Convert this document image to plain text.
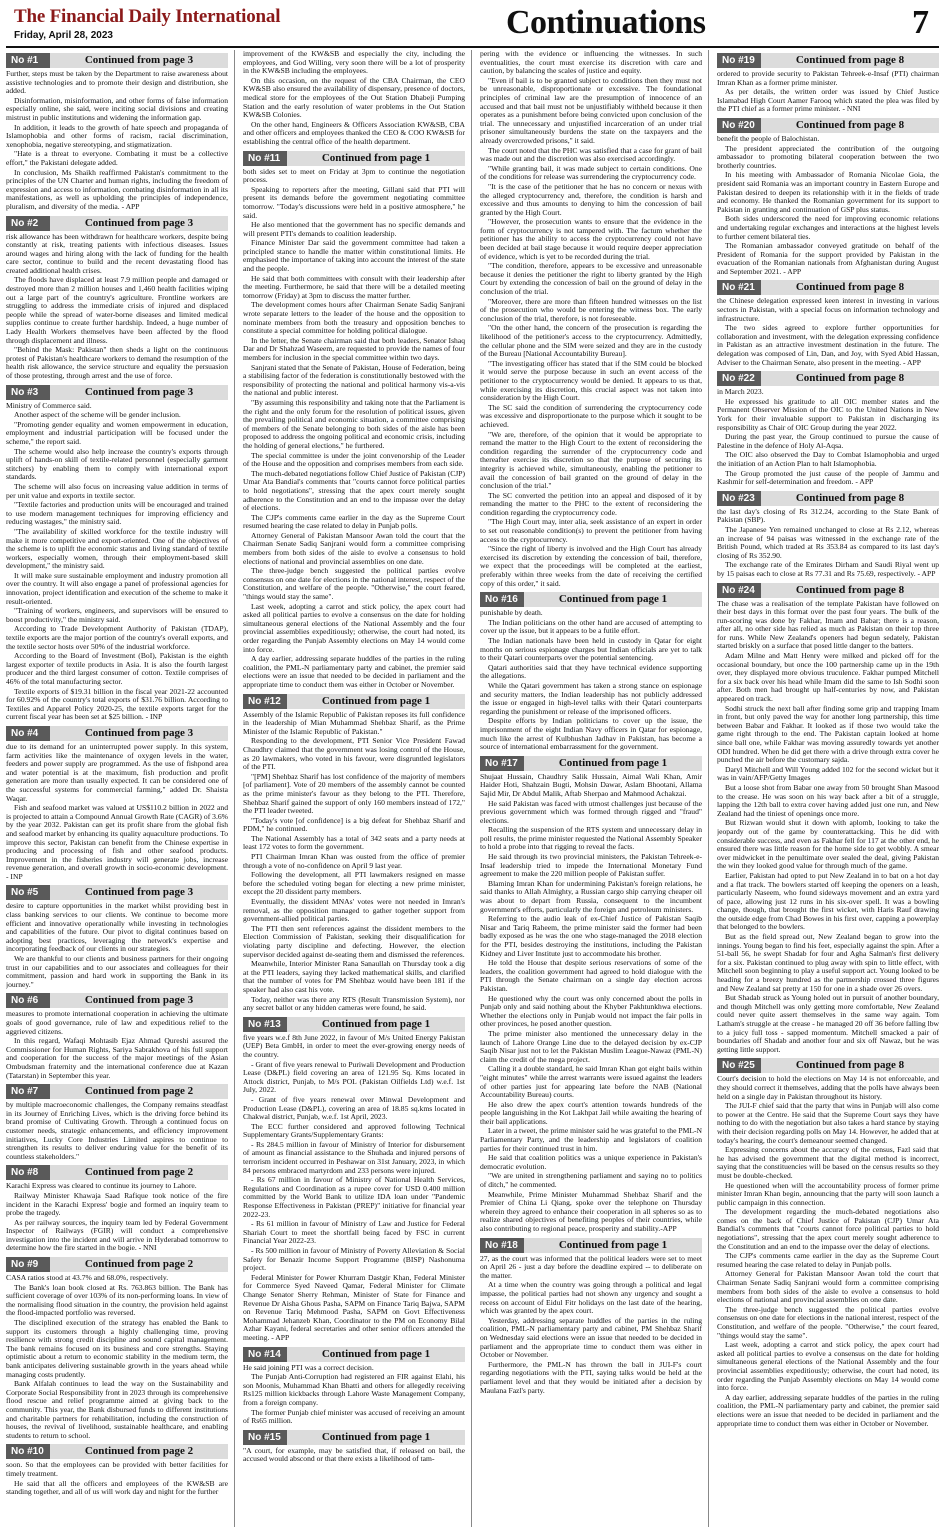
The Financial Daily International
Friday, April 28, 2023	Continuations	7
No #1	Continued from page 3

Further, steps must be taken by the Department to raise awareness about assistive technologies and to promote their design and distribution, she added.

Disinformation, misinformation, and other forms of false information especially online, she said, were inciting social divisions and creating mistrust in public institutions and widening the information gap.

In addition, it leads to the growth of hate speech and propaganda of Islamophobia and other forms of racism, racial discrimination, xenophobia, negative stereotyping, and stigmatization.

"Hate is a threat to everyone. Combating it must be a collective effort," the Pakistani delegate added.

In conclusion, Ms Shaikh reaffirmed Pakistan's commitment to the principles of the UN Charter and human rights, including the freedom of expression and access to information, combating disinformation in all its manifestations, as well as upholding the principles of independence, pluralism, and diversity of the media. - APP

No #2	Continued from page 3

risk allowance has been withdrawn for healthcare workers, despite being constantly at risk, treating patients with infectious diseases. Issues around wages and hiring along with the lack of funding for the health care sector, continue to build and the recent devastating flood has created additional health crises.

The floods have displaced at least 7.9 million people and damaged or destroyed more than 2 million houses and 1,460 health facilities wiping out a large part of the country's agriculture. Frontline workers are struggling to address the immediate crisis of injured and displaced people while the spread of water-borne diseases and limited medical supplies continue to create further hardship. Indeed, a huge number of Lady Health Workers themselves have been affected by the flood through displacement and illness.

"Behind the Mask: Pakistan" then sheds a light on the continuous protest of Pakistan's healthcare workers to demand the resumption of the health risk allowance, the service structure and equality the persuasion of those protesting, through arrest and the use of force.

No #3	Continued from page 3

Ministry of Commerce said.

Another aspect of the scheme will be gender inclusion.

"Promoting gender equality and women empowerment in education, employment and industrial participation will be focused under the scheme," the report said.

The scheme would also help increase the country's exports through uplift of hands-on skill of textile-related personnel (especially garment stitchers) by enabling them to comply with international export standards.

The scheme will also focus on increasing value addition in terms of per unit value and exports in textile sector.

"Textile factories and production units will be encouraged and trained to use modern management techniques for improving efficiency and reducing wastages," the ministry said.

"The availability of skilled workforce for the textile industry will make it more competitive and export-oriented. One of the objectives of the scheme is to uplift the economic status and living standard of textile workers, especially women, through their employment-based skill development," the ministry said.

It will make sure sustainable employment and industry promotion all over the country. It will also engage a panel of professional agencies for innovation, project identification and execution of the scheme to make it result-oriented.

"Training of workers, engineers, and supervisors will be ensured to boost productivity," the ministry said.

According to Trade Development Authority of Pakistan (TDAP), textile exports are the major portion of the country's overall exports, and the textile sector hosts over 50% of the industrial workforce.

According to the Board of Investment (BoI), Pakistan is the eighth largest exporter of textile products in Asia. It is also the fourth largest producer and the third largest consumer of cotton. Textile comprises of 46% of the total manufacturing sector.

Textile exports of $19.31 billion in the fiscal year 2021-22 accounted for 60.92% of the country's total exports of $31.76 billion. According to Textiles and Apparel Policy 2020-25, the textile exports target for the current fiscal year has been set at $25 billion. - INP

No #4	Continued from page 3

due to its demand for an uninterrupted power supply. In this system, farm activities like the maintenance of oxygen levels in the water, feeders and power supply are programmed. As the use of fishpond area and water potential is at the maximum, fish production and profit generation are more than usually expected. It can be considered one of the successful systems for commercial farming," added Dr. Shaista Waqar.

Fish and seafood market was valued at US$110.2 billion in 2022 and is projected to attain a Compound Annual Growth Rate (CAGR) of 3.6% by the year 2032. Pakistan can get its profit share from the global fish and seafood market by enhancing its quality aquaculture productions. To improve this sector, Pakistan can benefit from the Chinese expertise in producing and processing of fish and other seafood products. Improvement in the fisheries industry will generate jobs, increase revenue generation, and overall growth in socio-economic development. - INP

No #5	Continued from page 3

desire to capture opportunities in the market whilst providing best in class banking services to our clients. We continue to become more efficient and innovative operationally while investing in technologies and capabilities of the future. Our pivot to digital continues based on adopting best practices, leveraging the network's expertise and incorporating feedback of our clients in our strategies.

We are thankful to our clients and business partners for their ongoing trust in our capabilities and to our associates and colleagues for their commitment, passion and hard work in supporting the Bank in its journey."

No #6	Continued from page 3

measures to promote international cooperation in achieving the ultimate goals of good governance, rule of law and expeditious relief to the aggrieved citizens.

In this regard, Wafaqi Mohtasib Ejaz Ahmad Qureshi assured the Commissioner for Human Rights, Sariya Sabrakhova of his full support and cooperation for the success of the major meetings of the Asian Ombudsman fraternity and the international conference due at Kazan (Tatarstan) in September this year.

No #7	Continued from page 2

by multiple macroeconomic challenges, the Company remains steadfast in its Journey of Enriching Lives, which is the driving force behind its brand promise of Cultivating Growth. Through a continued focus on customer needs, strategic enhancements, and efficiency improvement initiatives, Lucky Core Industries Limited aspires to continue to strengthen its results to deliver enduring value for the benefit of its countless stakeholders."

No #8	Continued from page 2

Karachi Express was cleared to continue its journey to Lahore.

Railway Minister Khawaja Saad Rafique took notice of the fire incident in the Karachi Express' bogie and formed an inquiry team to probe the tragedy.

As per railway sources, the inquiry team led by Federal Government Inspector of Railways (FGIR) will conduct a comprehensive investigation into the incident and will arrive in Hyderabad tomorrow to determine how the fire started in the bogie. - NNI

No #9	Continued from page 2

CASA ratios stood at 43.7% and 68.0%, respectively.

The Bank's loan book closed at Rs. 763.863 billion. The Bank has sufficient coverage of over 103% of its non-performing loans. In view of the normalising flood situation in the country, the provision held against the flood-impacted portfolio was reversed.

The disciplined execution of the strategy has enabled the Bank to support its customers through a highly challenging time, proving resilience with strong credit discipline and sound capital management. The bank remains focused on its business and core strengths. Staying optimistic about a return to economic stability in the medium term, the bank anticipates delivering sustainable growth in the years ahead while managing costs prudently.

Bank Alfalah continues to lead the way on the Sustainability and Corporate Social Responsibility front in 2023 through its comprehensive flood rescue and relief programme aimed at giving back to the community. This year, the Bank disbursed funds to different institutions and charitable partners for rehabilitation, including the construction of houses, the revival of livelihood, sustainable healthcare, and enabling students to return to school.

No #10	Continued from page 2

soon. So that the employees can be provided with better facilities for timely treatment.

He said that all the officers and employees of the KW&SB are standing together, and all of us will work day and night for the further

improvement of the KW&SB and especially the city, including the employees, and God Willing, very soon there will be a lot of prosperity in the KW&SB including the employees.

On this occasion, on the request of the CBA Chairman, the CEO KW&SB also ensured the availability of dispensary, presence of doctors, medical store for the employees of the Out Station Dhabeji Pumping Station and the early resolution of water problems in the Out Station KW&SB Colonies.

On the other hand, Engineers & Officers Association KW&SB, CBA and other officers and employees thanked the CEO & COO KW&SB for establishing the central office of the health department.

No #11	Continued from page 1

both sides set to meet on Friday at 3pm to continue the negotiation process.

Speaking to reporters after the meeting, Gillani said that PTI will present its demands before the government negotiating committee tomorrow. "Today's discussions were held in a positive atmosphere," he said.

He also mentioned that the government has no specific demands and will present PTI's demands to coalition leadership.

Finance Minister Dar said the government committee had taken a principled stance to handle the matter within constitutional limits. He emphasised the importance of taking into account the interest of the state and the people.

He said that both committees with consult with their leadership after the meeting. Furthermore, he said that there will be a detailed meeting tomorrow (Friday) at 3pm to discuss the matter further.

The development comes hours after Chairman Senate Sadiq Sanjrani wrote separate letters to the leader of the house and the opposition to nominate members from both the treasury and opposition benches to constitute a special committee for holding political dialogue.

In the letter, the Senate chairman said that both leaders, Senator Ishaq Dar and Dr Shahzad Waseem, are requested to provide the names of four members for inclusion in the special committee within two days.

Sanjrani stated that the Senate of Pakistan, House of Federation, being a stabilising factor of the federation is constitutionally bestowed with the responsibility of protecting the national and political harmony vis-a-vis the national and public interest.

"By assuming this responsibility and taking note that the Parliament is the right and the only forum for the resolution of political issues, given the prevailing political and economic situation, a committee comprising of members of the Senate belonging to both sides of the aisle has been proposed to address the ongoing political and economic crisis, including the holding of general elections," he furthered.

The special committee is under the joint convenorship of the Leader of the House and the opposition and comprises members from each side.

The much-debated negotiations follow Chief Justice of Pakistan (CJP) Umar Ata Bandial's comments that "courts cannot force political parties to hold negotiations", stressing that the apex court merely sought adherence to the Constitution and an end to the impasse over the delay of elections.

The CJP's comments came earlier in the day as the Supreme Court resumed hearing the case related to delay in Punjab polls.

Attorney General of Pakistan Mansoor Awan told the court that the Chairman Senate Sadiq Sanjrani would form a committee comprising members from both sides of the aisle to evolve a consensus to hold elections of national and provincial assemblies on one date.

The three-judge bench suggested the political parties evolve consensus on one date for elections in the national interest, respect of the Constitution, and welfare of the people. "Otherwise," the court feared, "things would stay the same".

Last week, adopting a carrot and stick policy, the apex court had asked all political parties to evolve a consensus on the date for holding simultaneous general elections of the National Assembly and the four provincial assemblies expeditiously; otherwise, the court had noted, its order regarding the Punjab Assembly elections on May 14 would come into force.

A day earlier, addressing separate huddles of the parties in the ruling coalition, the PML-N parliamentary party and cabinet, the premier said elections were an issue that needed to be decided in parliament and the appropriate time to conduct them was either in October or November.

No #12	Continued from page 1

Assembly of the Islamic Republic of Pakistan reposes its full confidence in the leadership of Mian Muhammad Shehbaz Sharif, as the Prime Minister of the Islamic Republic of Pakistan."

Responding to the development, PTI Senior Vice President Fawad Chaudhry claimed that the government was losing control of the House, as 20 lawmakers, who voted in his favour, were disgruntled legislators of the PTI.

"[PM] Shehbaz Sharif has lost confidence of the majority of members [of parliament]. Vote of 20 members of the assembly cannot be counted as the prime minister's favour as they belong to the PTI. Therefore, Shehbaz Sharif gained the support of only 160 members instead of 172," the PTI leader tweeted.

"Today's vote [of confidence] is a big defeat for Shehbaz Sharif and PDM," he continued.

The National Assembly has a total of 342 seats and a party needs at least 172 votes to form the government.

PTI Chairman Imran Khan was ousted from the office of premier through a vote of no-confidence on April 9 last year.

Following the development, all PTI lawmakers resigned en masse before the scheduled voting began for electing a new prime minister, except the 20 dissident party members.

Eventually, the dissident MNAs' votes were not needed in Imran's removal, as the opposition managed to gather together support from government-allied political parties.

The PTI then sent references against the dissident members to the Election Commission of Pakistan, seeking their disqualification for violating party discipline and defecting. However, the election supervisor decided against de-seating them and dismissed the references.

Meanwhile, Interior Minister Rana Sanaullah on Thursday took a dig at the PTI leaders, saying they lacked mathematical skills, and clarified that the number of votes for PM Shehbaz would have been 181 if the speaker had also cast his vote.

Today, neither was there any RTS (Result Transmission System), nor any secret ballot or any hidden cameras were found, he said.

No #13	Continued from page 1

five years w.e.f 8th June 2022, in favour of M/s United Energy Pakistan (UEP) Beta GmbH, in order to meet the ever-growing energy needs of the country.

- Grant of five years renewal to Puriwali Development and Production Lease (D&PL) field covering an area of 121.95 Sq. Kms located in Attock district, Punjab, to M/s POL (Pakistan Oilfields Ltd) w.e.f. 1st July, 2022.

- Grant of five years renewal over Minwal Development and Production Lease (D&PL), covering an area of 18.85 sq.kms located in Chakwal district, Punjab, w.e.f. 1st April, 2023.

The ECC further considered and approved following Technical Supplementary Grants/Supplementary Grants:

- Rs 284.5 million in favour of Ministry of Interior for disbursement of amount as financial assistance to the Shuhada and injured persons of terrorism incident occurred in Peshawar on 31st January, 2023, in which 84 persons embraced martyrdom and 233 persons were injured.

- Rs 67 million in favour of Ministry of National Health Services, Regulations and Coordination as a rupee cover for USD 0.400 million committed by the World Bank to utilize IDA loan under "Pandemic Response Effectiveness in Pakistan (PREP)" initiative for financial year 2022-23.

- Rs 61 million in favour of Ministry of Law and Justice for Federal Shariah Court to meet the shortfall being faced by FSC in current Financial Year 2022-23.

- Rs 500 million in favour of Ministry of Poverty Alleviation & Social Safety for Benazir Income Support Programme (BISP) Nashonuma project.

Federal Minister for Power Khurram Dastgir Khan, Federal Minister for Commerce Syed Naveed Qamar, Federal Minister for Climate Change Senator Sherry Rehman, Minister of State for Finance and Revenue Dr Aisha Ghous Pasha, SAPM on Finance Tariq Bajwa, SAPM on Revenue Tariq Mehmood Pasha, SAPM on Govt Effectiveness Mohammad Jehanzeb Khan, Coordinator to the PM on Economy Bilal Azhar Kayani, federal secretaries and other senior officers attended the meeting. - APP

No #14	Continued from page 1

He said joining PTI was a correct decision.

The Punjab Anti-Corruption had registered an FIR against Elahi, his son Moonis, Muhammad Khan Bhatti and others for allegedly receiving Rs125 million kickbacks through Lahore Waste Management Company, from a foreign company.

The former Punjab chief minister was accused of receiving an amount of Rs65 million.

No #15	Continued from page 1

"A court, for example, may be satisfied that, if released on bail, the accused would abscond or that there exists a likelihood of tam-

pering with the evidence or influencing the witnesses. In such eventualities, the court must exercise its discretion with care and caution, by balancing the scales of justice and equity.

"Even if bail is to be granted subject to conditions then they must not be unreasonable, disproportionate or excessive. The foundational principles of criminal law are the presumption of innocence of an accused and that bail must not be unjustifiably withheld because it then operates as a punishment before being convicted upon conclusion of the trial. The unnecessary and unjustified incarceration of an under trial prisoner simultaneously burdens the state on the taxpayers and the already overcrowded prisons," it said.

The court noted that the PHC was satisfied that a case for grant of bail was made out and the discretion was also exercised accordingly.

"While granting bail, it was made subject to certain conditions. One of the conditions for release was surrendering the cryptocurrency code.

"It is the case of the petitioner that he has no concern or nexus with the alleged cryptocurrency and, therefore, the condition is harsh and excessive and thus amounts to denying to him the concession of bail granted by the High Court.

"However, the prosecution wants to ensure that the evidence in the form of cryptocurrency is not tampered with. The factum whether the petitioner has the ability to access the cryptocurrency could not have been decided at bail stage because it would require deeper appreciation of evidence, which is yet to be recorded during the trial.

"The condition, therefore, appears to be excessive and unreasonable because it denies the petitioner the right to liberty granted by the High Court by extending the concession of bail on the ground of delay in the conclusion of the trial.

"Moreover, there are more than fifteen hundred witnesses on the list of the prosecution who would be entering the witness box. The early conclusion of the trial, therefore, is not foreseeable.

"On the other hand, the concern of the prosecution is regarding the likelihood of the petitioner's access to the cryptocurrency. Admittedly, the cellular phone and the SIM were seized and they are in the custody of the Bureau [National Accountability Bureau].

"The investigating officer has stated that if the SIM could be blocked it would serve the purpose because in such an event access of the petitioner to the cryptocurrency would be denied. It appears to us that, while exercising its discretion, this crucial aspect was not taken into consideration by the High Court.

The SC said the condition of surrendering the cryptocurrency code was excessive and disproportionate to the purpose which it sought to be achieved.

"We are, therefore, of the opinion that it would be appropriate to remand the matter to the High Court to the extent of reconsidering the condition regarding the surrender of the cryptocurrency code and thereafter exercise its discretion so that the purpose of securing its integrity is achieved while, simultaneously, enabling the petitioner to avail the concession of bail granted on the ground of delay in the conclusion of the trial."

The SC converted the petition into an appeal and disposed of it by remanding the matter to the PHC to the extent of reconsidering the condition regarding the cryptocurrency code.

"The High Court may, inter alia, seek assistance of an expert in order to set out reasonable condition(s) to prevent the petitioner from having access to the cryptocurrency.

"Since the right of liberty is involved and the High Court has already exercised its discretion by extending the concession of bail, therefore, we expect that the proceedings will be completed at the earliest, preferably within three weeks from the date of receiving the certified copy of this order," it said.

No #16	Continued from page 1

punishable by death.

The Indian politicians on the other hand are accused of attempting to cover up the issue, but it appears to be a futile effort.

The Indian nationals have been held in custody in Qatar for eight months on serious espionage charges but Indian officials are yet to talk to their Qatari counterparts over the potential sentencing.

Qatari authorities said that they have technical evidence supporting the allegations.

While the Qatari government has taken a strong stance on espionage and security matters, the Indian leadership has not publicly addressed the issue or engaged in high-level talks with their Qatari counterparts regarding the punishment or release of the imprisoned officers.

Despite efforts by Indian politicians to cover up the issue, the imprisonment of the eight Indian Navy officers in Qatar for espionage, much like the arrest of Kulbhushan Jadhav in Pakistan, has become a source of international embarrassment for the government.

No #17	Continued from page 1

Shujaat Hussain, Chaudhry Salik Hussain, Aimal Wali Khan, Amir Haider Hoti, Shahzain Bugti, Mohsin Dawar, Aslam Bhootani, Allama Sajid Mir, Dr Abdul Malik, Aftab Sherpao and Mahmood Achakzai.

He said Pakistan was faced with utmost challenges just because of the previous government which was formed through rigged and "fraud" elections.

Recalling the suspension of the RTS system and unnecessary delay in poll results, the prime minister requested the National Assembly Speaker to hold a probe into that rigging to reveal the facts.

He said through its two provincial ministers, the Pakistan Tehreek-e-Insaf leadership tried to impede the International Monetary Fund agreement to make the 220 million people of Pakistan suffer.

Blaming Imran Khan for undermining Pakistan's foreign relations, he said thanks to Allah Almighty, a Russian cargo ship carrying cheaper oil was about to depart from Russia, consequent to the incumbent government's efforts, particularly the foreign and petroleum ministers.

Referring to the audio leak of ex-Chief Justice of Pakistan Saqib Nisar and Tariq Raheem, the prime minister said the former had been badly exposed as he was the one who stage-managed the 2018 election for the PTI, besides destroying the institutions, including the Pakistan Kidney and Liver Institute just to accommodate his brother.

He told the House that despite serious reservations of some of the leaders, the coalition government had agreed to hold dialogue with the PTI through the Senate chairman on a single day election across Pakistan.

He questioned why the court was only concerned about the polls in Punjab only and said nothing about the Khyber Pakhtunkhwa elections. Whether the elections only in Punjab would not impact the fair polls in other provinces, he posed another question.

The prime minister also mentioned the unnecessary delay in the launch of Lahore Orange Line due to the delayed decision by ex-CJP Saqib Nisar just not to let the Pakistan Muslim League-Nawaz (PML-N) claim the credit of the mega project.

Calling it a double standard, he said Imran Khan got eight bails within "eight minutes" while the arrest warrants were issued against the leaders of other parties just for appearing late before the NAB (National Accountability Bureau) courts.

He also drew the apex court's attention towards hundreds of the people languishing in the Kot Lakhpat Jail while awaiting the hearing of their bail applications.

Later in a tweet, the prime minister said he was grateful to the PML-N Parliamentary Party, and the leadership and legislators of coalition parties for their continued trust in him.

He said that coalition politics was a unique experience in Pakistan's democratic evolution.

"We are united in strengthening parliament and saying no to politics of ditch," he commented.

Meanwhile, Prime Minister Muhammad Shehbaz Sharif and the Premier of China Li Qiang, spoke over the telephone on Thursday wherein they agreed to enhance their cooperation in all spheres so as to realize shared objectives of benefiting peoples of their countries, while also contributing to regional peace, prosperity and stability.-APP

No #18	Continued from page 1

27, as the court was informed that the political leaders were set to meet on April 26 - just a day before the deadline expired -- to deliberate on the matter.

At a time when the country was going through a political and legal impasse, the political parties had not shown any urgency and sought a recess on account of Eidul Fitr holidays on the last date of the hearing, which was granted by the apex court.

Yesterday, addressing separate huddles of the parties in the ruling coalition, PML-N parliamentary party and cabinet, PM Shehbaz Sharif on Wednesday said elections were an issue that needed to be decided in parliament and the appropriate time to conduct them was either in October or November.

Furthermore, the PML-N has thrown the ball in JUI-F's court regarding negotiations with the PTI, saying talks would be held at the parliament level and that they would be initiated after a decision by Maulana Fazl's party.

No #19	Continued from page 8

ordered to provide security to Pakistan Tehreek-e-Insaf (PTI) chairman Imran Khan as a former prime minister.

As per details, the written order was issued by Chief Justice Islamabad High Court Aamer Farooq which stated the plea was filed by the PTI chief as a former prime minister. - NNI

No #20	Continued from page 8

benefit the people of Balochistan.

The president appreciated the contribution of the outgoing ambassador to promoting bilateral cooperation between the two brotherly countries.

In his meeting with Ambassador of Romania Nicolae Goia, the president said Romania was an important country in Eastern Europe and Pakistan desired to deepen its relationship with it in the fields of trade and economy. He thanked the Romanian government for its support to Pakistan in granting and continuation of GSP plus status.

Both sides underscored the need for improving economic relations and undertaking regular exchanges and interactions at the highest levels to further cement bilateral ties.

The Romanian ambassador conveyed gratitude on behalf of the President of Romania for the support provided by Pakistan in the evacuation of the Romanian nationals from Afghanistan during August and September 2021. - APP

No #21	Continued from page 8

the Chinese delegation expressed keen interest in investing in various sectors in Pakistan, with a special focus on information technology and infrastructure.

The two sides agreed to explore further opportunities for collaboration and investment, with the delegation expressing confidence in Pakistan as an attractive investment destination in the future. The delegation was composed of Lin, Dan, and Joy, with Syed Abid Hassan, Adviser to the Chairman Senate, also present in the meeting. - APP

No #22	Continued from page 8

in March 2023.

He expressed his gratitude to all OIC member states and the Permanent Observer Mission of the OIC to the United Nations in New York for their invaluable support to Pakistan in discharging its responsibility as Chair of OIC Group during the year 2022.

During the past year, the Group continued to pursue the cause of Palestine in the defence of Holy Al-Aqsa.

The OIC also observed the Day to Combat Islamophobia and urged the initiation of an Action Plan to halt Islamophobia.

The Group promoted the just cause of the people of Jammu and Kashmir for self-determination and freedom. - APP

No #23	Continued from page 8

the last day's closing of Rs 312.24, according to the State Bank of Pakistan (SBP).

The Japanese Yen remained unchanged to close at Rs 2.12, whereas an increase of 94 paisas was witnessed in the exchange rate of the British Pound, which traded at Rs 353.84 as compared to its last day's closing of Rs 352.90.

The exchange rate of the Emirates Dirham and Saudi Riyal went up by 15 paisas each to close at Rs 77.31 and Rs 75.69, respectively. - APP

No #24	Continued from page 8

The chase was a realisation of the template Pakistan have followed on their best days in this format over the past four years. The bulk of the run-scoring was done by Fakhar, Imam and Babar; there is a reason, after all, no other side has relied as much as Pakistan on their top three for runs. While New Zealand's openers had begun sedately, Pakistan started briskly on a surface that posed little danger to the batters.

Adam Milne and Matt Henry were milked and picked off for the occasional boundary, but once the 100 partnership came up in the 19th over, they displayed more obvious truculence. Fakhar pumped Mitchell for a six back over his head while Imam did the same to Ish Sodhi soon after. Both men had brought up half-centuries by now, and Pakistan appeared on track.

Sodhi struck the next ball after finding some grip and trapping Imam in front, but only paved the way for another long partnership, this time between Babar and Fakhar. It looked as if those two would take the game right through to the end. The Pakistan captain looked at home since ball one, while Fakhar was moving assuredly towards yet another ODI hundred. When he did get there with a drive through extra cover he punched the air before the customary sajda.

Daryl Mitchell and Will Young added 102 for the second wicket but it was in vain/AFP/Getty Images

But a loose shot from Babar one away from 50 brought Shan Masood to the crease. He was soon on his way back after a bit of a struggle, lapping the 12th ball to extra cover having added just one run, and New Zealand had the tiniest of openings once more.

But Rizwan would shut it down with aplomb, looking to take the jeopardy out of the game by counterattacking. This he did with considerable success, and even as Fakhar fell for 117 at the other end, he ensured there was little reason for the home side to get wobbly. A smear over midwicket in the penultimate over sealed the deal, giving Pakistan the win they looked good value for through much of the game.

Earlier, Pakistan had opted to put New Zealand in to bat on a hot day and a flat track. The bowlers started off keeping the openers on a leash, particularly Naseem, who found sideways movement and an extra yard of pace, allowing just 12 runs in his six-over spell. It was a bowling change, though, that brought the first wicket, with Haris Rauf drawing the outside edge from Chad Bowes in his first over, capping a powerplay that belonged to the bowlers.

But as the field spread out, New Zealand began to grow into the innings. Young began to find his feet, especially against the spin. After a 51-ball 56, he swept Shadab for four and Agha Salman's first delivery for a six. Pakistan continued to plug away with spin to little effect, with Mitchell soon beginning to play a useful support act. Young looked to be heading for a breezy hundred as the partnership crossed three figures and New Zealand sat pretty at 150 for one in a shade over 26 overs.

But Shadab struck as Young holed out in pursuit of another boundary, and though Mitchell was only getting more comfortable, New Zealand could never quite assert themselves in the same way again. Tom Latham's struggle at the crease - he managed 20 off 36 before falling lbw to a juicy full toss - sapped momentum. Mitchell smacked a pair of boundaries off Shadab and another four and six off Nawaz, but he was getting little support.

No #25	Continued from page 8

Court's decision to hold the elections on May 14 is not enforceable, and they should correct it themselves, adding that the polls have always been held on a single day in Pakistan throughout its history.

The JUI-F chief said that the party that wins in Punjab will also come to power at the Centre. He said that the Supreme Court says they have nothing to do with the negotiation but also takes a hard stance by staying with their decision regarding polls on May 14. However, he added that at today's hearing, the court's demeanour seemed changed.

Expressing concerns about the accuracy of the census, Fazl said that he has advised the government that the digital method is incorrect, saying that the constituencies will be based on the census results so they must be double-checked.

He questioned when will the accountability process of former prime minister Imran Khan begin, announcing that the party will soon launch a public campaign in this connection.

The development regarding the much-debated negotiations also comes on the back of Chief Justice of Pakistan (CJP) Umar Ata Bandial's comments that "courts cannot force political parties to hold negotiations", stressing that the apex court merely sought adherence to the Constitution and an end to the impasse over the delay of elections.

The CJP's comments came earlier in the day as the Supreme Court resumed hearing the case related to delay in Punjab polls.

Attorney General for Pakistan Mansoor Awan told the court that Chairman Senate Sadiq Sanjrani would form a committee comprising members from both sides of the aisle to evolve a consensus to hold elections of national and provincial assemblies on one date.

The three-judge bench suggested the political parties evolve consensus on one date for elections in the national interest, respect of the Constitution, and welfare of the people. "Otherwise," the court feared, "things would stay the same".

Last week, adopting a carrot and stick policy, the apex court had asked all political parties to evolve a consensus on the date for holding simultaneous general elections of the National Assembly and the four provincial assemblies expeditiously; otherwise, the court had noted, its order regarding the Punjab Assembly elections on May 14 would come into force.

A day earlier, addressing separate huddles of the parties in the ruling coalition, the PML-N parliamentary party and cabinet, the premier said elections were an issue that needed to be decided in parliament and the appropriate time to conduct them was either in October or November.
